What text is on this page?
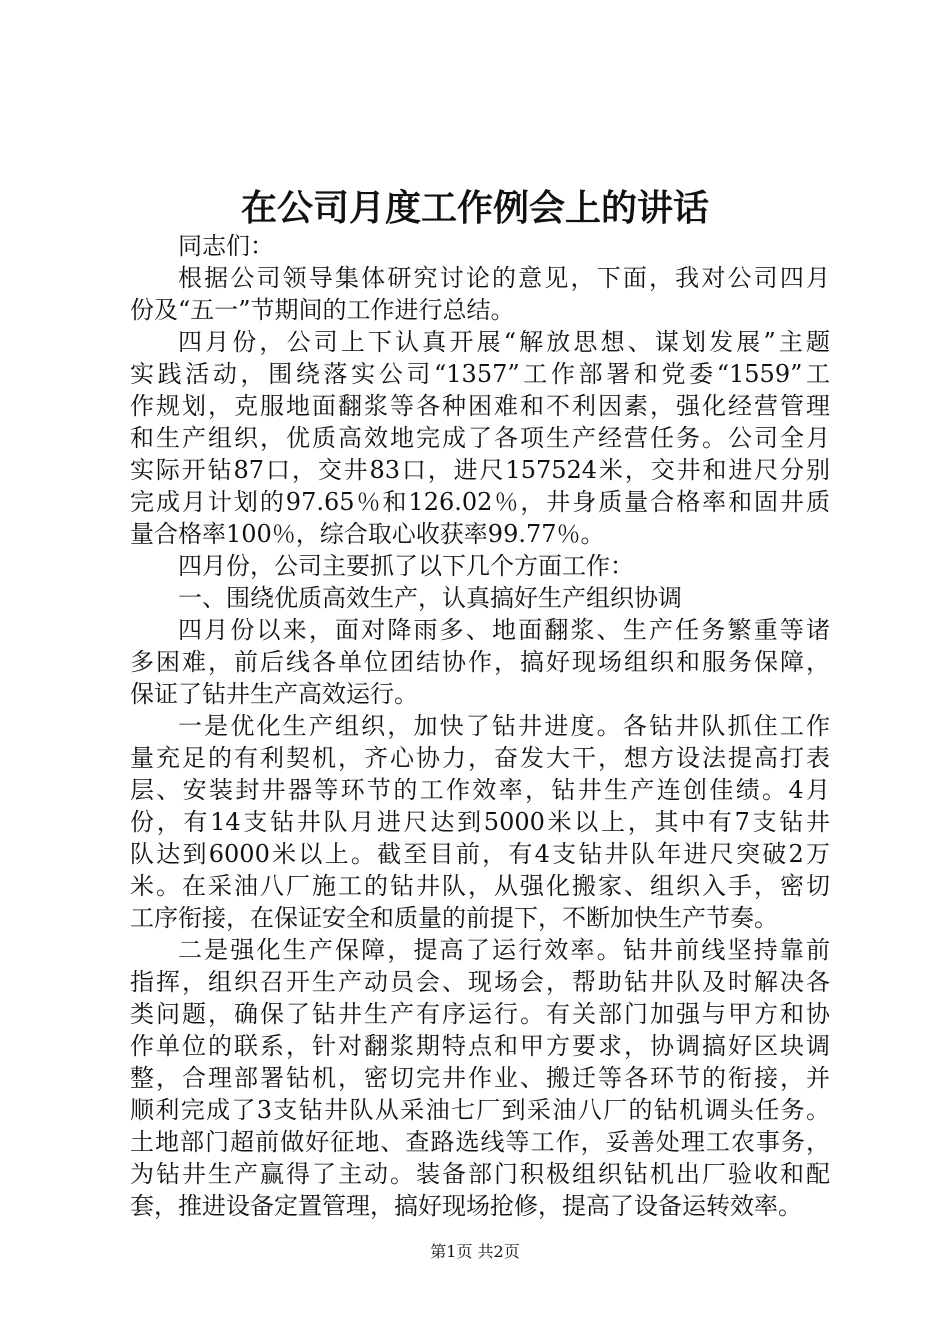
在公司月度工作例会上的讲话
同志们：
根据公司领导集体研究讨论的意见，下面，我对公司四月
份及“五一”节期间的工作进行总结。
四月份，公司上下认真开展“解放思想、谋划发展”主题
实践活动，围绕落实公司“1357”工作部署和党委“1559”工
作规划，克服地面翻浆等各种困难和不利因素，强化经营管理
和生产组织，优质高效地完成了各项生产经营任务。公司全月
实际开钻87口，交井83口，进尺157524米，交井和进尺分别
完成月计划的97.65％和126.02％，井身质量合格率和固井质
量合格率100％，综合取心收获率99.77％。
四月份，公司主要抓了以下几个方面工作：
一、围绕优质高效生产，认真搞好生产组织协调
四月份以来，面对降雨多、地面翻浆、生产任务繁重等诸
多困难，前后线各单位团结协作，搞好现场组织和服务保障，
保证了钻井生产高效运行。
一是优化生产组织，加快了钻井进度。各钻井队抓住工作
量充足的有利契机，齐心协力，奋发大干，想方设法提高打表
层、安装封井器等环节的工作效率，钻井生产连创佳绩。4月
份，有14支钻井队月进尺达到5000米以上，其中有7支钻井
队达到6000米以上。截至目前，有4支钻井队年进尺突破2万
米。在采油八厂施工的钻井队，从强化搬家、组织入手，密切
工序衔接，在保证安全和质量的前提下，不断加快生产节奏。
二是强化生产保障，提高了运行效率。钻井前线坚持靠前
指挥，组织召开生产动员会、现场会，帮助钻井队及时解决各
类问题，确保了钻井生产有序运行。有关部门加强与甲方和协
作单位的联系，针对翻浆期特点和甲方要求，协调搞好区块调
整，合理部署钻机，密切完井作业、搬迁等各环节的衔接，并
顺利完成了3支钻井队从采油七厂到采油八厂的钻机调头任务。
土地部门超前做好征地、查路选线等工作，妥善处理工农事务，
为钻井生产赢得了主动。装备部门积极组织钻机出厂验收和配
套，推进设备定置管理，搞好现场抢修，提高了设备运转效率。
第1页 共2页
